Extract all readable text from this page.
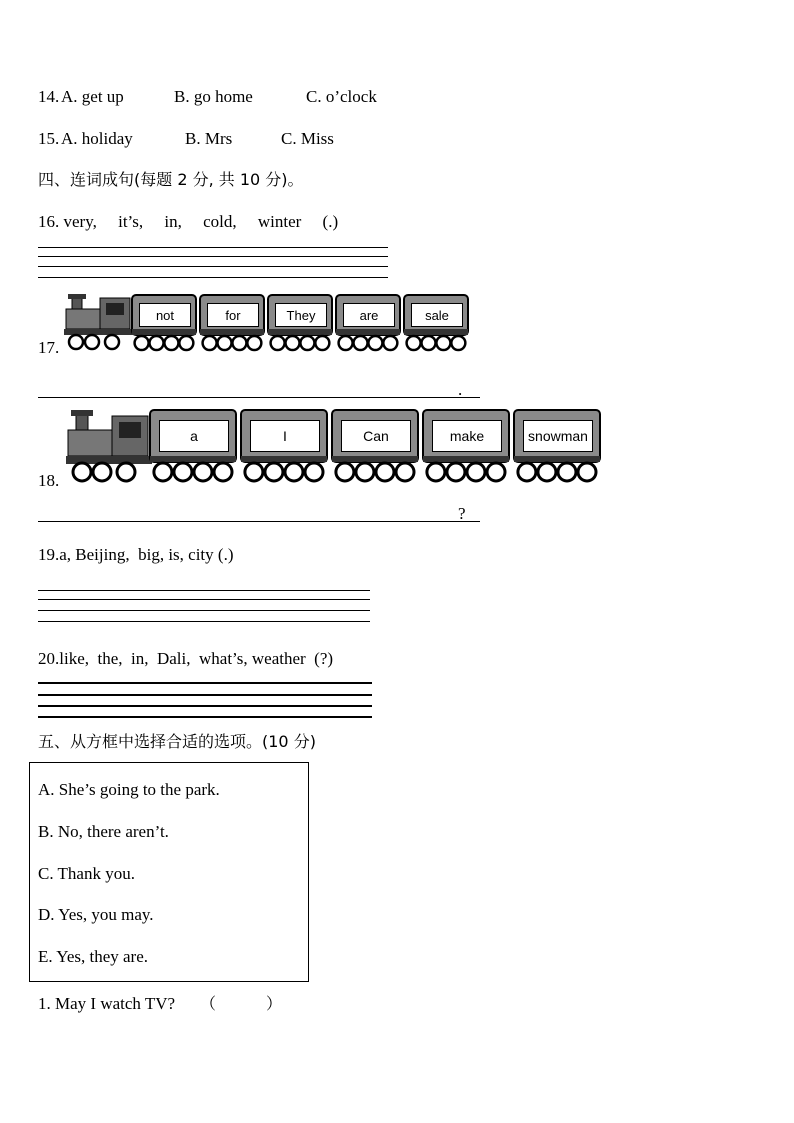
14. A. get up	B. go home	C. o’clock
15. A. holiday	B. Mrs	C. Miss
四、连词成句(每题 2 分, 共 10 分)。
16. very,     it’s,     in,     cold,     winter     (.)
17.
not	for	They	are	sale
.
18.
a	I	Can	make	snowman
?
19.a, Beijing,  big, is, city (.)
20.like,  the,  in,  Dali,  what’s, weather  (?)
五、从方框中选择合适的选项。(10 分)
A. She’s going to the park.
B. No, there aren’t.
C. Thank you.
D. Yes, you may.
E. Yes, they are.
1. May I watch TV? （	）
